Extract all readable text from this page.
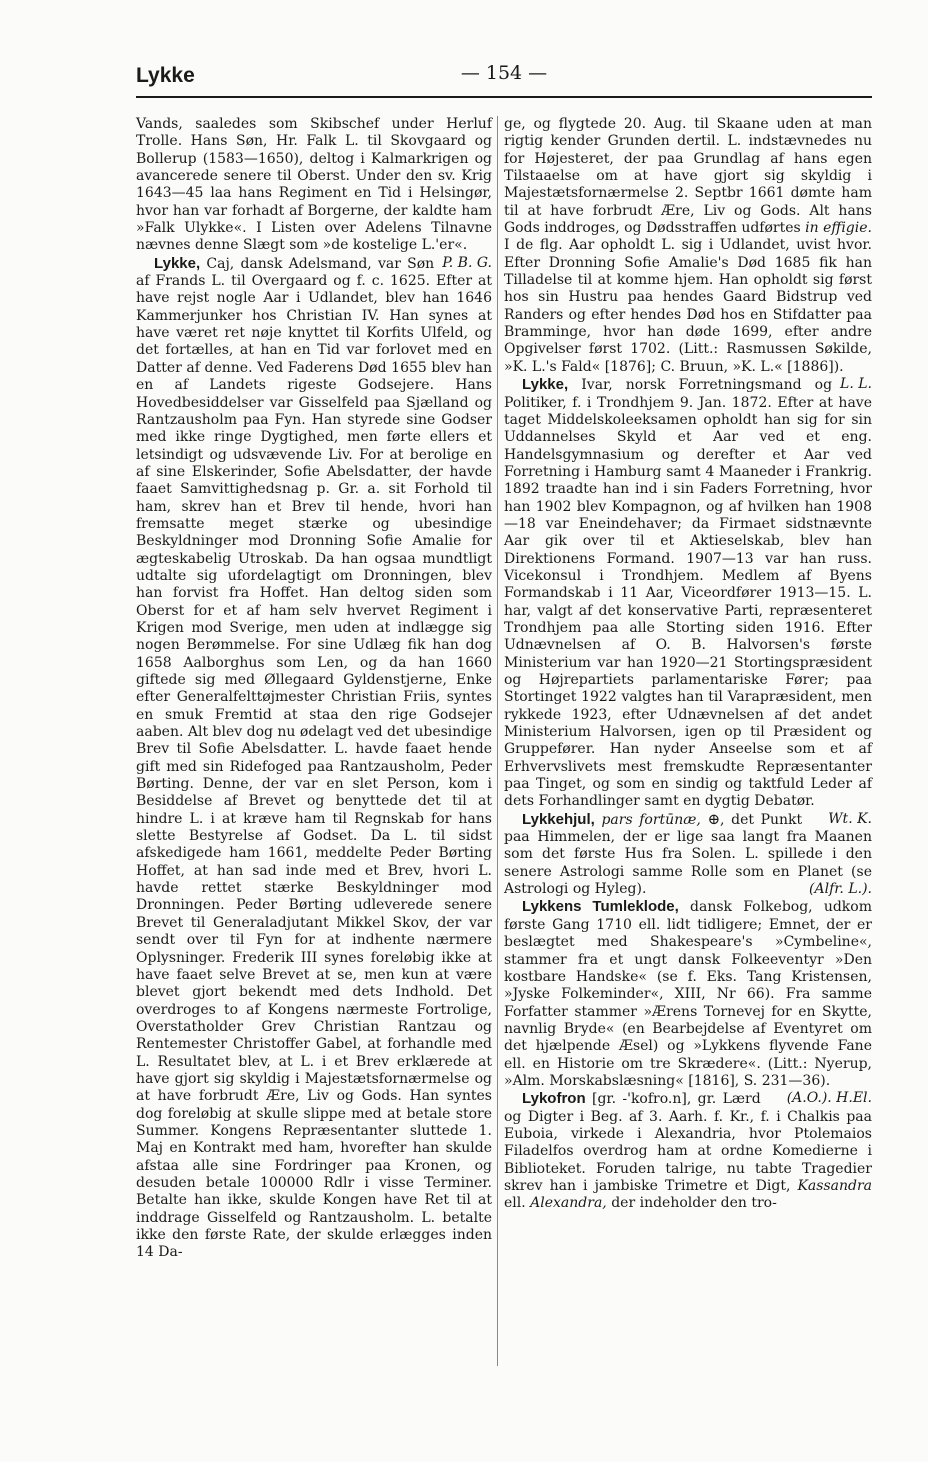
Lykke	— 154 —

Vands, saaledes som Skibschef under Herluf Trolle. Hans Søn, Hr. Falk L. til Skovgaard og Bollerup (1583—1650), deltog i Kalmarkrigen og avancerede senere til Oberst. Under den sv. Krig 1643—45 laa hans Regiment en Tid i Helsingør, hvor han var forhadt af Borgerne, der kaldte ham »Falk Ulykke«. I Listen over Adelens Tilnavne nævnes denne Slægt som »de kostelige L.'er«.
P. B. G.

Lykke, Caj, dansk Adelsmand, var Søn af Frands L. til Overgaard og f. c. 1625. Efter at have rejst nogle Aar i Udlandet, blev han 1646 Kammerjunker hos Christian IV. Han synes at have været ret nøje knyttet til Korfits Ulfeld, og det fortælles, at han en Tid var forlovet med en Datter af denne. Ved Faderens Død 1655 blev han en af Landets rigeste Godsejere. Hans Hovedbesiddelser var Gisselfeld paa Sjælland og Rantzausholm paa Fyn. Han styrede sine Godser med ikke ringe Dygtighed, men førte ellers et letsindigt og udsvævende Liv. For at berolige en af sine Elskerinder, Sofie Abelsdatter, der havde faaet Samvittighedsnag p. Gr. a. sit Forhold til ham, skrev han et Brev til hende, hvori han fremsatte meget stærke og ubesindige Beskyldninger mod Dronning Sofie Amalie for ægteskabelig Utroskab. Da han ogsaa mundtligt udtalte sig ufordelagtigt om Dronningen, blev han forvist fra Hoffet. Han deltog siden som Oberst for et af ham selv hvervet Regiment i Krigen mod Sverige, men uden at indlægge sig nogen Berømmelse. For sine Udlæg fik han dog 1658 Aalborghus som Len, og da han 1660 giftede sig med Øllegaard Gyldenstjerne, Enke efter Generalfelttøjmester Christian Friis, syntes en smuk Fremtid at staa den rige Godsejer aaben. Alt blev dog nu ødelagt ved det ubesindige Brev til Sofie Abelsdatter. L. havde faaet hende gift med sin Ridefoged paa Rantzausholm, Peder Børting. Denne, der var en slet Person, kom i Besiddelse af Brevet og benyttede det til at hindre L. i at kræve ham til Regnskab for hans slette Bestyrelse af Godset. Da L. til sidst afskedigede ham 1661, meddelte Peder Børting Hoffet, at han sad inde med et Brev, hvori L. havde rettet stærke Beskyldninger mod Dronningen. Peder Børting udleverede senere Brevet til Generaladjutant Mikkel Skov, der var sendt over til Fyn for at indhente nærmere Oplysninger. Frederik III synes foreløbig ikke at have faaet selve Brevet at se, men kun at være blevet gjort bekendt med dets Indhold. Det overdroges to af Kongens nærmeste Fortrolige, Overstatholder Grev Christian Rantzau og Rentemester Christoffer Gabel, at forhandle med L. Resultatet blev, at L. i et Brev erklærede at have gjort sig skyldig i Majestætsfornærmelse og at have forbrudt Ære, Liv og Gods. Han syntes dog foreløbig at skulle slippe med at betale store Summer. Kongens Repræsentanter sluttede 1. Maj en Kontrakt med ham, hvorefter han skulde afstaa alle sine Fordringer paa Kronen, og desuden betale 100000 Rdlr i visse Terminer. Betalte han ikke, skulde Kongen have Ret til at inddrage Gisselfeld og Rantzausholm. L. betalte ikke den første Rate, der skulde erlægges inden 14 Da-

ge, og flygtede 20. Aug. til Skaane uden at man rigtig kender Grunden dertil. L. indstævnedes nu for Højesteret, der paa Grundlag af hans egen Tilstaaelse om at have gjort sig skyldig i Majestætsfornærmelse 2. Septbr 1661 dømte ham til at have forbrudt Ære, Liv og Gods. Alt hans Gods inddroges, og Dødsstraffen udførtes in effigie. I de flg. Aar opholdt L. sig i Udlandet, uvist hvor. Efter Dronning Sofie Amalie's Død 1685 fik han Tilladelse til at komme hjem. Han opholdt sig først hos sin Hustru paa hendes Gaard Bidstrup ved Randers og efter hendes Død hos en Stifdatter paa Bramminge, hvor han døde 1699, efter andre Opgivelser først 1702. (Litt.: Rasmussen Søkilde, »K. L.'s Fald« [1876]; C. Bruun, »K. L.« [1886]).
L. L.

Lykke, Ivar, norsk Forretningsmand og Politiker, f. i Trondhjem 9. Jan. 1872. Efter at have taget Middelskoleeksamen opholdt han sig for sin Uddannelses Skyld et Aar ved et eng. Handelsgymnasium og derefter et Aar ved Forretning i Hamburg samt 4 Maaneder i Frankrig. 1892 traadte han ind i sin Faders Forretning, hvor han 1902 blev Kompagnon, og af hvilken han 1908—18 var Eneindehaver; da Firmaet sidstnævnte Aar gik over til et Aktieselskab, blev han Direktionens Formand. 1907—13 var han russ. Vicekonsul i Trondhjem. Medlem af Byens Formandskab i 11 Aar, Viceordfører 1913—15. L. har, valgt af det konservative Parti, repræsenteret Trondhjem paa alle Storting siden 1916. Efter Udnævnelsen af O. B. Halvorsen's første Ministerium var han 1920—21 Stortingspræsident og Højrepartiets parlamentariske Fører; paa Stortinget 1922 valgtes han til Varapræsident, men rykkede 1923, efter Udnævnelsen af det andet Ministerium Halvorsen, igen op til Præsident og Gruppefører. Han nyder Anseelse som et af Erhvervslivets mest fremskudte Repræsentanter paa Tinget, og som en sindig og taktfuld Leder af dets Forhandlinger samt en dygtig Debatør.
Wt. K.

Lykkehjul, pars fortūnæ, ⊕, det Punkt paa Himmelen, der er lige saa langt fra Maanen som det første Hus fra Solen. L. spillede i den senere Astrologi samme Rolle som en Planet (se Astrologi og Hyleg).	(Alfr. L.).

Lykkens Tumleklode, dansk Folkebog, udkom første Gang 1710 ell. lidt tidligere; Emnet, der er beslægtet med Shakespeare's »Cymbeline«, stammer fra et ungt dansk Folkeeventyr »Den kostbare Handske« (se f. Eks. Tang Kristensen, »Jyske Folkeminder«, XIII, Nr 66). Fra samme Forfatter stammer »Ærens Tornevej for en Skytte, navnlig Bryde« (en Bearbejdelse af Eventyret om det hjælpende Æsel) og »Lykkens flyvende Fane ell. en Historie om tre Skrædere«. (Litt.: Nyerup, »Alm. Morskabslæsning« [1816], S. 231—36).
(A.O.). H.El.

Lykofron [gr. -'kofro.n], gr. Lærd og Digter i Beg. af 3. Aarh. f. Kr., f. i Chalkis paa Euboia, virkede i Alexandria, hvor Ptolemaios Filadelfos overdrog ham at ordne Komedierne i Biblioteket. Foruden talrige, nu tabte Tragedier skrev han i jambiske Trimetre et Digt, Kassandra ell. Alexandra, der indeholder den tro-
